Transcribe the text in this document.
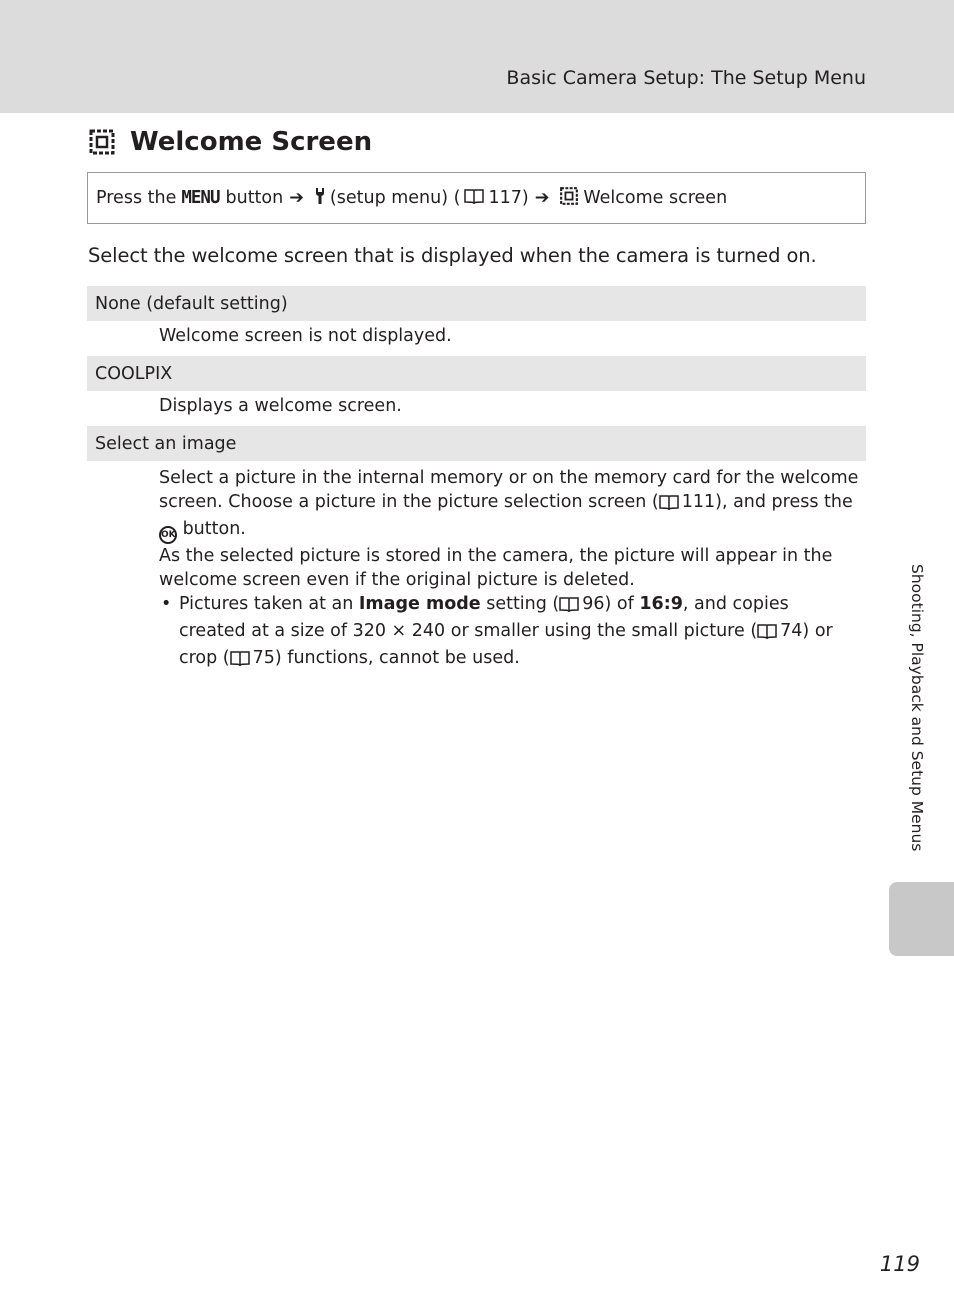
Basic Camera Setup: The Setup Menu
Welcome Screen
Press the MENU button ➔ (setup menu) ( 117) ➔ Welcome screen
Select the welcome screen that is displayed when the camera is turned on.
None (default setting)
Welcome screen is not displayed.
COOLPIX
Displays a welcome screen.
Select an image

Select a picture in the internal memory or on the memory card for the welcome screen. Choose a picture in the picture selection screen ( 111), and press the OK button.

As the selected picture is stored in the camera, the picture will appear in the welcome screen even if the original picture is deleted.

• Pictures taken at an Image mode setting ( 96) of 16:9, and copies created at a size of 320 × 240 or smaller using the small picture ( 74) or crop ( 75) functions, cannot be used.	Shooting, Playback and Setup Menus
119
